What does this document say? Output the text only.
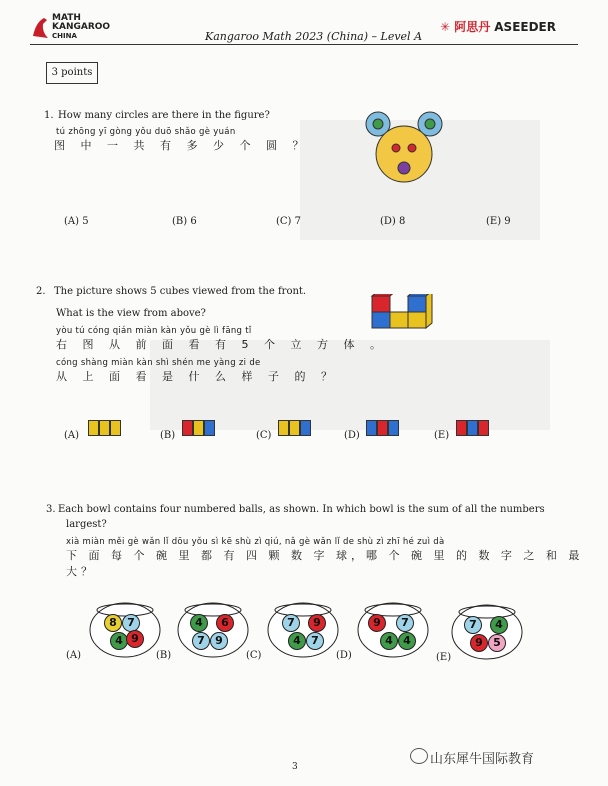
MATH
KANGAROO
CHINA	Kangaroo Math 2023 (China) – Level A
✳ 阿思丹 ASEEDER
3 points
1. How many circles are there in the figure?
tú zhōng yī gòng yǒu duō shǎo gè yuán
图 中 一 共 有 多 少 个 圆 ？
(A) 5	(B) 6	(C) 7	(D) 8	(E) 9
2. The picture shows 5 cubes viewed from the front.
What is the view from above?
yòu tú cóng qián miàn kàn yǒu gè lì fāng tǐ
右 图 从 前 面 看 有 5 个 立 方 体 。
cóng shàng miàn kàn shì shén me yàng zi de
从 上 面 看 是 什 么 样 子 的 ？
(A)	(B)	(C)	(D)	(E)
3. Each bowl contains four numbered balls, as shown. In which bowl is the sum of all the numbers
largest?
xià miàn měi gè wǎn lǐ dōu yǒu sì kē shù zì qiú, nǎ gè wǎn lǐ de shù zì zhī hé zuì dà
下 面 每 个 碗 里 都 有 四 颗 数 字 球，哪 个 碗 里 的 数 字 之 和 最 大？
8 7
4 9
(A)
4	6
7 9
(B)
7	9
4 7
(C)
9	7
4 4
(D)
7	4
9 5
(E)
3	山东犀牛国际教育
